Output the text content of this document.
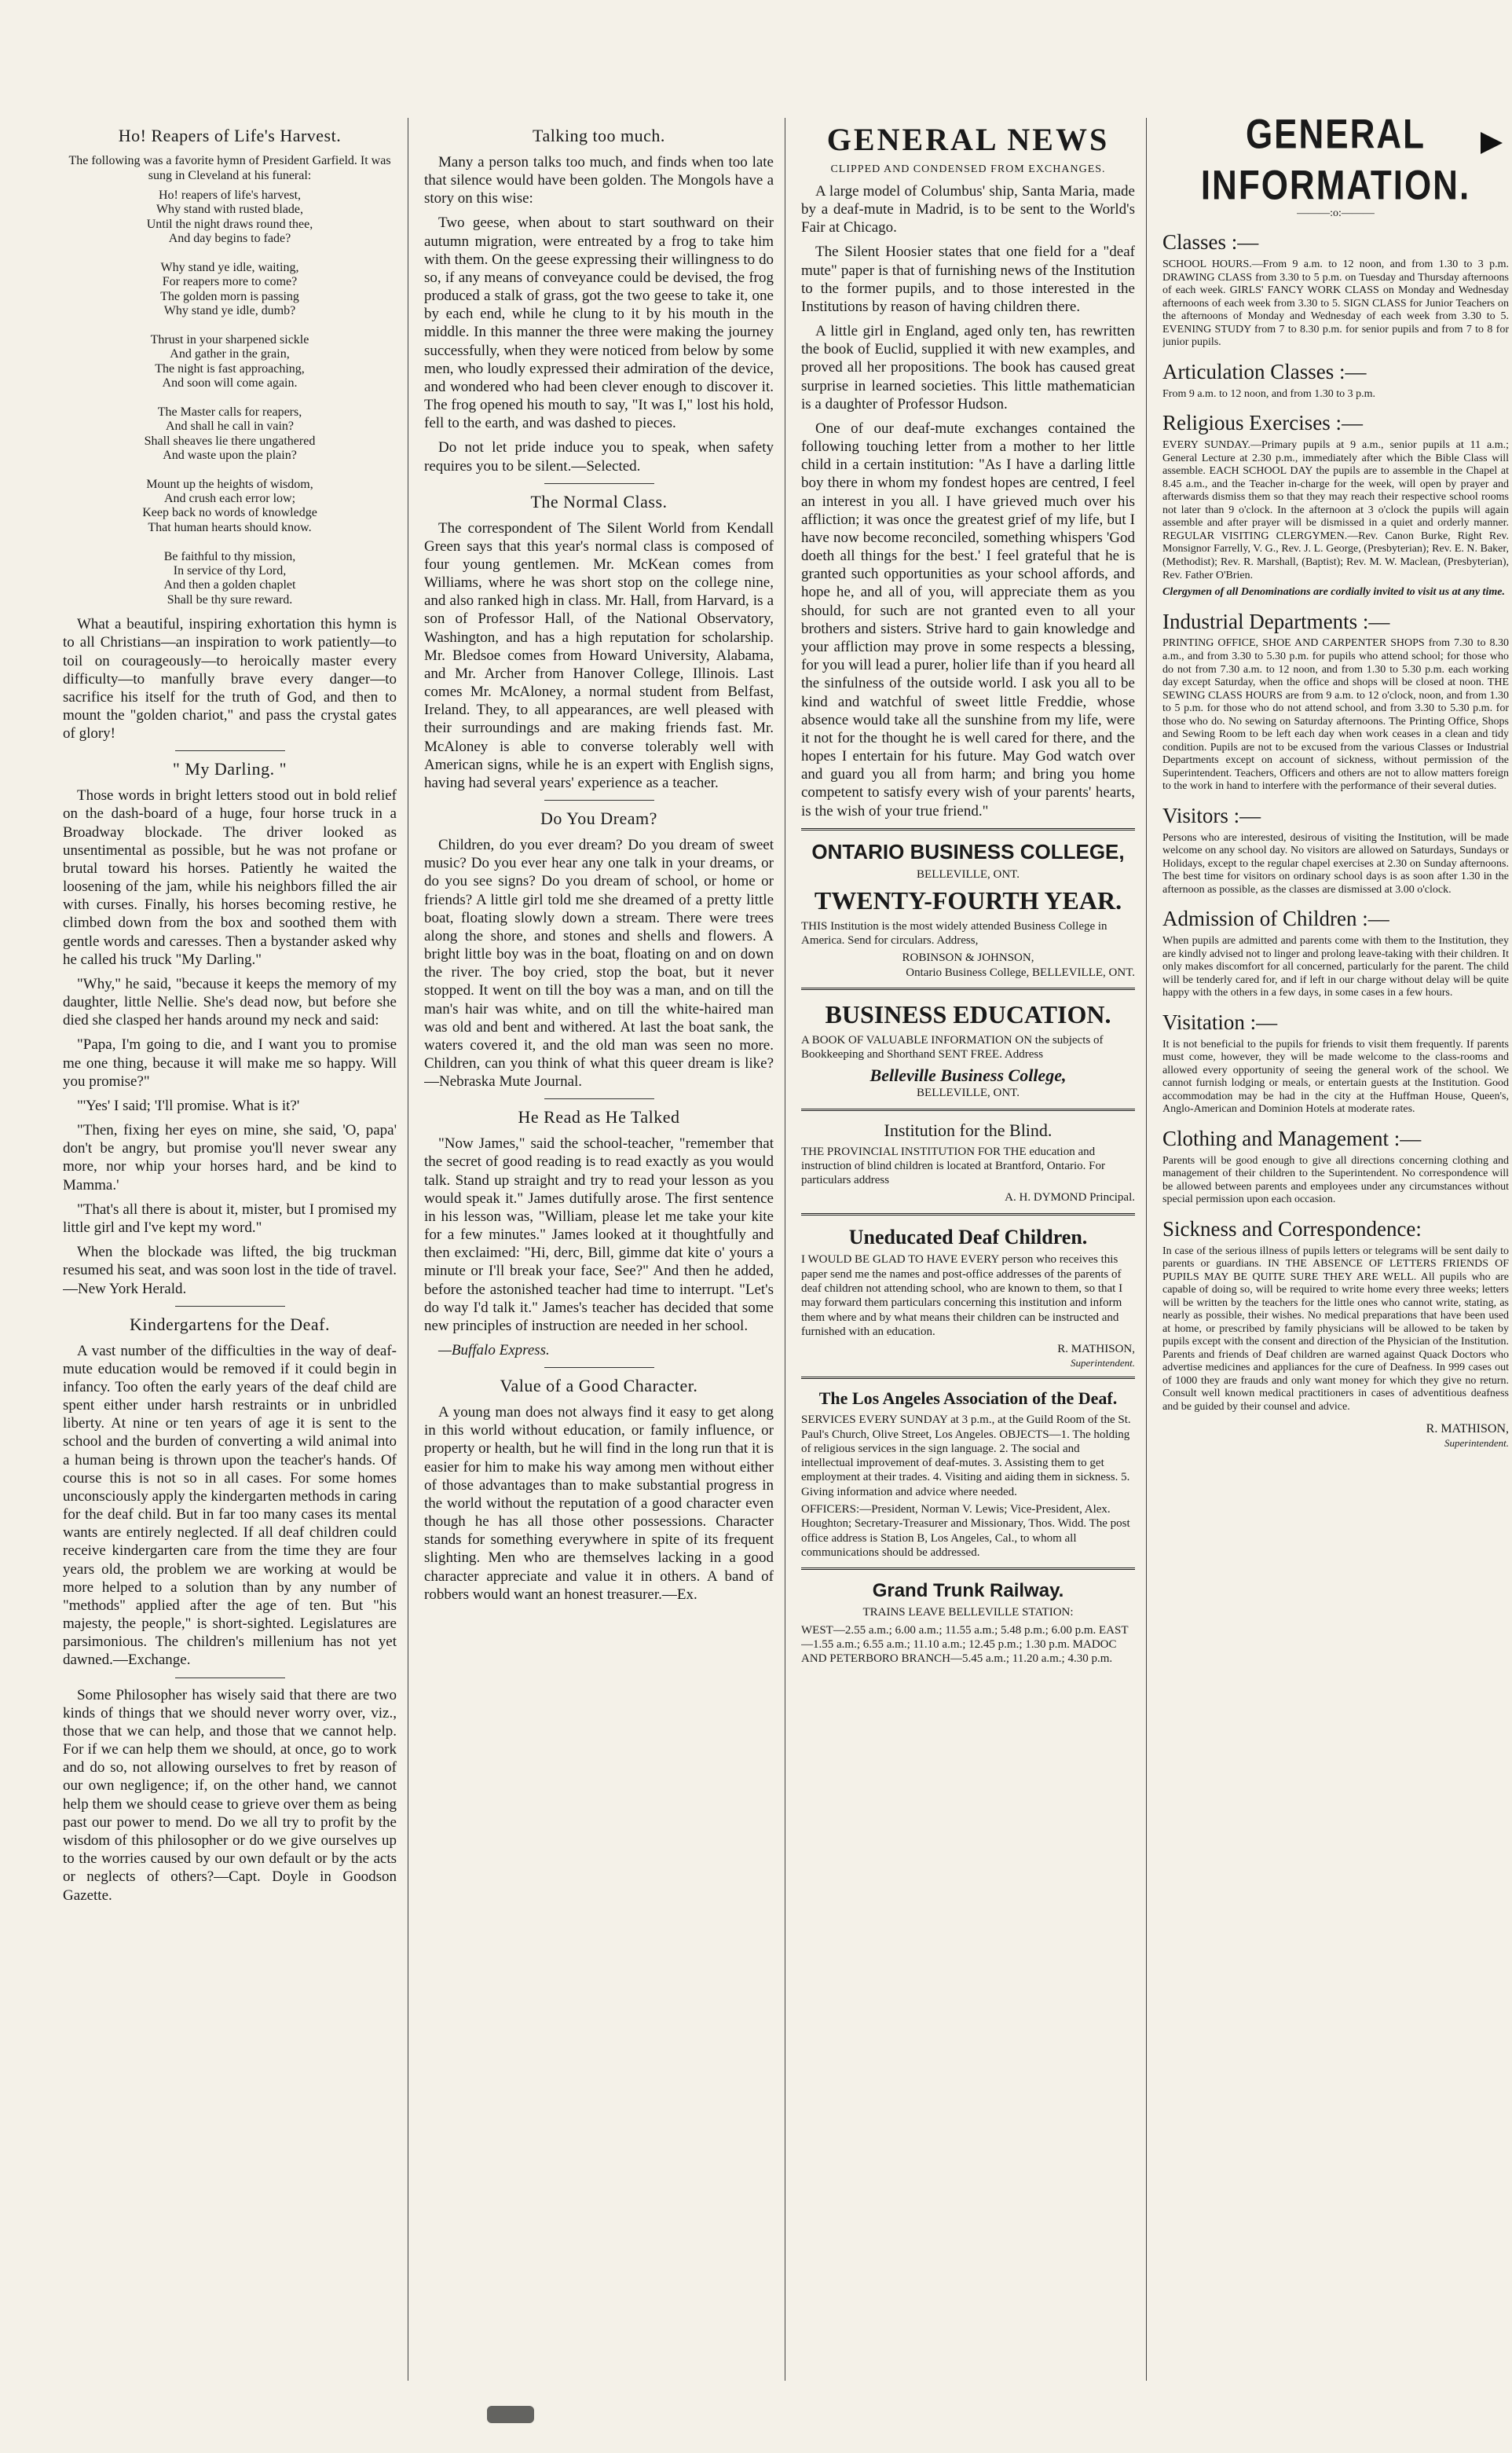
Ho! Reapers of Life's Harvest.
The following was a favorite hymn of President Garfield. It was sung in Cleveland at his funeral:
Ho! reapers of life's harvest,
Why stand with rusted blade,
Until the night draws round thee,
And day begins to fade?

Why stand ye idle, waiting,
For reapers more to come?
The golden morn is passing
Why stand ye idle, dumb?

Thrust in your sharpened sickle
And gather in the grain,
The night is fast approaching,
And soon will come again.

The Master calls for reapers,
And shall he call in vain?
Shall sheaves lie there ungathered
And waste upon the plain?

Mount up the heights of wisdom,
And crush each error low;
Keep back no words of knowledge
That human hearts should know.

Be faithful to thy mission,
In service of thy Lord,
And then a golden chaplet
Shall be thy sure reward.

What a beautiful, inspiring exhortation this hymn is to all Christians—an inspiration to work patiently—to toil on courageously—to heroically master every difficulty—to manfully brave every danger—to sacrifice his itself for the truth of God, and then to mount the "golden chariot," and pass the crystal gates of glory!

" My Darling. "

Those words in bright letters stood out in bold relief on the dash-board of a huge, four horse truck in a Broadway blockade. The driver looked as unsentimental as possible, but he was not profane or brutal toward his horses. Patiently he waited the loosening of the jam, while his neighbors filled the air with curses. Finally, his horses becoming restive, he climbed down from the box and soothed them with gentle words and caresses. Then a bystander asked why he called his truck "My Darling."

"Why," he said, "because it keeps the memory of my daughter, little Nellie. She's dead now, but before she died she clasped her hands around my neck and said:

"Papa, I'm going to die, and I want you to promise me one thing, because it will make me so happy. Will you promise?"

"'Yes' I said; 'I'll promise. What is it?'

"Then, fixing her eyes on mine, she said, 'O, papa' don't be angry, but promise you'll never swear any more, nor whip your horses hard, and be kind to Mamma.'

"That's all there is about it, mister, but I promised my little girl and I've kept my word."

When the blockade was lifted, the big truckman resumed his seat, and was soon lost in the tide of travel.—New York Herald.

Kindergartens for the Deaf.

A vast number of the difficulties in the way of deaf-mute education would be removed if it could begin in infancy. Too often the early years of the deaf child are spent either under harsh restraints or in unbridled liberty. At nine or ten years of age it is sent to the school and the burden of converting a wild animal into a human being is thrown upon the teacher's hands. Of course this is not so in all cases. For some homes unconsciously apply the kindergarten methods in caring for the deaf child. But in far too many cases its mental wants are entirely neglected. If all deaf children could receive kindergarten care from the time they are four years old, the problem we are working at would be more helped to a solution than by any number of "methods" applied after the age of ten. But "his majesty, the people," is short-sighted. Legislatures are parsimonious. The children's millenium has not yet dawned.—Exchange.

Some Philosopher has wisely said that there are two kinds of things that we should never worry over, viz., those that we can help, and those that we cannot help. For if we can help them we should, at once, go to work and do so, not allowing ourselves to fret by reason of our own negligence; if, on the other hand, we cannot help them we should cease to grieve over them as being past our power to mend. Do we all try to profit by the wisdom of this philosopher or do we give ourselves up to the worries caused by our own default or by the acts or neglects of others?—Capt. Doyle in Goodson Gazette.

Talking too much.

Many a person talks too much, and finds when too late that silence would have been golden. The Mongols have a story on this wise:

Two geese, when about to start southward on their autumn migration, were entreated by a frog to take him with them. On the geese expressing their willingness to do so, if any means of conveyance could be devised, the frog produced a stalk of grass, got the two geese to take it, one by each end, while he clung to it by his mouth in the middle. In this manner the three were making the journey successfully, when they were noticed from below by some men, who loudly expressed their admiration of the device, and wondered who had been clever enough to discover it. The frog opened his mouth to say, "It was I," lost his hold, fell to the earth, and was dashed to pieces.

Do not let pride induce you to speak, when safety requires you to be silent.—Selected.

The Normal Class.

The correspondent of The Silent World from Kendall Green says that this year's normal class is composed of four young gentlemen. Mr. McKean comes from Williams, where he was short stop on the college nine, and also ranked high in class. Mr. Hall, from Harvard, is a son of Professor Hall, of the National Observatory, Washington, and has a high reputation for scholarship. Mr. Bledsoe comes from Howard University, Alabama, and Mr. Archer from Hanover College, Illinois. Last comes Mr. McAloney, a normal student from Belfast, Ireland. They, to all appearances, are well pleased with their surroundings and are making friends fast. Mr. McAloney is able to converse tolerably well with American signs, while he is an expert with English signs, having had several years' experience as a teacher.

Do You Dream?

Children, do you ever dream? Do you dream of sweet music? Do you ever hear any one talk in your dreams, or do you see signs? Do you dream of school, or home or friends? A little girl told me she dreamed of a pretty little boat, floating slowly down a stream. There were trees along the shore, and stones and shells and flowers. A bright little boy was in the boat, floating on and on down the river. The boy cried, stop the boat, but it never stopped. It went on till the boy was a man, and on till the man's hair was white, and on till the white-haired man was old and bent and withered. At last the boat sank, the waters covered it, and the old man was seen no more. Children, can you think of what this queer dream is like?—Nebraska Mute Journal.

He Read as He Talked

"Now James," said the school-teacher, "remember that the secret of good reading is to read exactly as you would talk. Stand up straight and try to read your lesson as you would speak it." James dutifully arose. The first sentence in his lesson was, "William, please let me take your kite for a few minutes." James looked at it thoughtfully and then exclaimed: "Hi, derc, Bill, gimme dat kite o' yours a minute or I'll break your face, See?" And then he added, before the astonished teacher had time to interrupt. "Let's do way I'd talk it." James's teacher has decided that some new principles of instruction are needed in her school.

—Buffalo Express.

Value of a Good Character.

A young man does not always find it easy to get along in this world without education, or family influence, or property or health, but he will find in the long run that it is easier for him to make his way among men without either of those advantages than to make substantial progress in the world without the reputation of a good character even though he has all those other possessions. Character stands for something everywhere in spite of its frequent slighting. Men who are themselves lacking in a good character appreciate and value it in others. A band of robbers would want an honest treasurer.—Ex.

GENERAL NEWS
CLIPPED AND CONDENSED FROM EXCHANGES.

A large model of Columbus' ship, Santa Maria, made by a deaf-mute in Madrid, is to be sent to the World's Fair at Chicago.

The Silent Hoosier states that one field for a "deaf mute" paper is that of furnishing news of the Institution to the former pupils, and to those interested in the Institutions by reason of having children there.

A little girl in England, aged only ten, has rewritten the book of Euclid, supplied it with new examples, and proved all her propositions. The book has caused great surprise in learned societies. This little mathematician is a daughter of Professor Hudson.

One of our deaf-mute exchanges contained the following touching letter from a mother to her little child in a certain institution: "As I have a darling little boy there in whom my fondest hopes are centred, I feel an interest in you all. I have grieved much over his affliction; it was once the greatest grief of my life, but I have now become reconciled, something whispers 'God doeth all things for the best.' I feel grateful that he is granted such opportunities as your school affords, and hope he, and all of you, will appreciate them as you should, for such are not granted even to all your brothers and sisters. Strive hard to gain knowledge and your affliction may prove in some respects a blessing, for you will lead a purer, holier life than if you heard all the sinfulness of the outside world. I ask you all to be kind and watchful of sweet little Freddie, whose absence would take all the sunshine from my life, were it not for the thought he is well cared for there, and the hopes I entertain for his future. May God watch over and guard you all from harm; and bring you home competent to satisfy every wish of your parents' hearts, is the wish of your true friend."

ONTARIO BUSINESS COLLEGE,
BELLEVILLE, ONT.
TWENTY-FOURTH YEAR.
THIS Institution is the most widely attended Business College in America. Send for circulars. Address,
ROBINSON & JOHNSON,
Ontario Business College, BELLEVILLE, ONT.
BUSINESS EDUCATION.
A BOOK OF VALUABLE INFORMATION ON the subjects of Bookkeeping and Shorthand SENT FREE. Address
Belleville Business College,
BELLEVILLE, ONT.
Institution for the Blind.
THE PROVINCIAL INSTITUTION FOR THE education and instruction of blind children is located at Brantford, Ontario. For particulars address
A. H. DYMOND Principal.
Uneducated Deaf Children.
I WOULD BE GLAD TO HAVE EVERY person who receives this paper send me the names and post-office addresses of the parents of deaf children not attending school, who are known to them, so that I may forward them particulars concerning this institution and inform them where and by what means their children can be instructed and furnished with an education.
R. MATHISON,
Superintendent.
The Los Angeles Association of the Deaf.
SERVICES EVERY SUNDAY at 3 p.m., at the Guild Room of the St. Paul's Church, Olive Street, Los Angeles. OBJECTS—1. The holding of religious services in the sign language. 2. The social and intellectual improvement of deaf-mutes. 3. Assisting them to get employment at their trades. 4. Visiting and aiding them in sickness. 5. Giving information and advice where needed.
OFFICERS:—President, Norman V. Lewis; Vice-President, Alex. Houghton; Secretary-Treasurer and Missionary, Thos. Widd. The post office address is Station B, Los Angeles, Cal., to whom all communications should be addressed.
Grand Trunk Railway.
TRAINS LEAVE BELLEVILLE STATION:
WEST—2.55 a.m.; 6.00 a.m.; 11.55 a.m.; 5.48 p.m.; 6.00 p.m. EAST—1.55 a.m.; 6.55 a.m.; 11.10 a.m.; 12.45 p.m.; 1.30 p.m. MADOC AND PETERBORO BRANCH—5.45 a.m.; 11.20 a.m.; 4.30 p.m.
GENERAL INFORMATION.
———:o:———
Classes :—

SCHOOL HOURS.—From 9 a.m. to 12 noon, and from 1.30 to 3 p.m. DRAWING CLASS from 3.30 to 5 p.m. on Tuesday and Thursday afternoons of each week. GIRLS' FANCY WORK CLASS on Monday and Wednesday afternoons of each week from 3.30 to 5. SIGN CLASS for Junior Teachers on the afternoons of Monday and Wednesday of each week from 3.30 to 5. EVENING STUDY from 7 to 8.30 p.m. for senior pupils and from 7 to 8 for junior pupils.

Articulation Classes :—

From 9 a.m. to 12 noon, and from 1.30 to 3 p.m.

Religious Exercises :—

EVERY SUNDAY.—Primary pupils at 9 a.m., senior pupils at 11 a.m.; General Lecture at 2.30 p.m., immediately after which the Bible Class will assemble. EACH SCHOOL DAY the pupils are to assemble in the Chapel at 8.45 a.m., and the Teacher in-charge for the week, will open by prayer and afterwards dismiss them so that they may reach their respective school rooms not later than 9 o'clock. In the afternoon at 3 o'clock the pupils will again assemble and after prayer will be dismissed in a quiet and orderly manner. REGULAR VISITING CLERGYMEN.—Rev. Canon Burke, Right Rev. Monsignor Farrelly, V. G., Rev. J. L. George, (Presbyterian); Rev. E. N. Baker, (Methodist); Rev. R. Marshall, (Baptist); Rev. M. W. Maclean, (Presbyterian), Rev. Father O'Brien.

Clergymen of all Denominations are cordially invited to visit us at any time.

Industrial Departments :—

PRINTING OFFICE, SHOE AND CARPENTER SHOPS from 7.30 to 8.30 a.m., and from 3.30 to 5.30 p.m. for pupils who attend school; for those who do not from 7.30 a.m. to 12 noon, and from 1.30 to 5.30 p.m. each working day except Saturday, when the office and shops will be closed at noon. THE SEWING CLASS HOURS are from 9 a.m. to 12 o'clock, noon, and from 1.30 to 5 p.m. for those who do not attend school, and from 3.30 to 5.30 p.m. for those who do. No sewing on Saturday afternoons. The Printing Office, Shops and Sewing Room to be left each day when work ceases in a clean and tidy condition. Pupils are not to be excused from the various Classes or Industrial Departments except on account of sickness, without permission of the Superintendent. Teachers, Officers and others are not to allow matters foreign to the work in hand to interfere with the performance of their several duties.

Visitors :—

Persons who are interested, desirous of visiting the Institution, will be made welcome on any school day. No visitors are allowed on Saturdays, Sundays or Holidays, except to the regular chapel exercises at 2.30 on Sunday afternoons. The best time for visitors on ordinary school days is as soon after 1.30 in the afternoon as possible, as the classes are dismissed at 3.00 o'clock.

Admission of Children :—

When pupils are admitted and parents come with them to the Institution, they are kindly advised not to linger and prolong leave-taking with their children. It only makes discomfort for all concerned, particularly for the parent. The child will be tenderly cared for, and if left in our charge without delay will be quite happy with the others in a few days, in some cases in a few hours.

Visitation :—

It is not beneficial to the pupils for friends to visit them frequently. If parents must come, however, they will be made welcome to the class-rooms and allowed every opportunity of seeing the general work of the school. We cannot furnish lodging or meals, or entertain guests at the Institution. Good accommodation may be had in the city at the Huffman House, Queen's, Anglo-American and Dominion Hotels at moderate rates.

Clothing and Management :—

Parents will be good enough to give all directions concerning clothing and management of their children to the Superintendent. No correspondence will be allowed between parents and employees under any circumstances without special permission upon each occasion.

Sickness and Correspondence:

In case of the serious illness of pupils letters or telegrams will be sent daily to parents or guardians. IN THE ABSENCE OF LETTERS FRIENDS OF PUPILS MAY BE QUITE SURE THEY ARE WELL. All pupils who are capable of doing so, will be required to write home every three weeks; letters will be written by the teachers for the little ones who cannot write, stating, as nearly as possible, their wishes. No medical preparations that have been used at home, or prescribed by family physicians will be allowed to be taken by pupils except with the consent and direction of the Physician of the Institution. Parents and friends of Deaf children are warned against Quack Doctors who advertise medicines and appliances for the cure of Deafness. In 999 cases out of 1000 they are frauds and only want money for which they give no return. Consult well known medical practitioners in cases of adventitious deafness and be guided by their counsel and advice.

R. MATHISON,
Superintendent.
